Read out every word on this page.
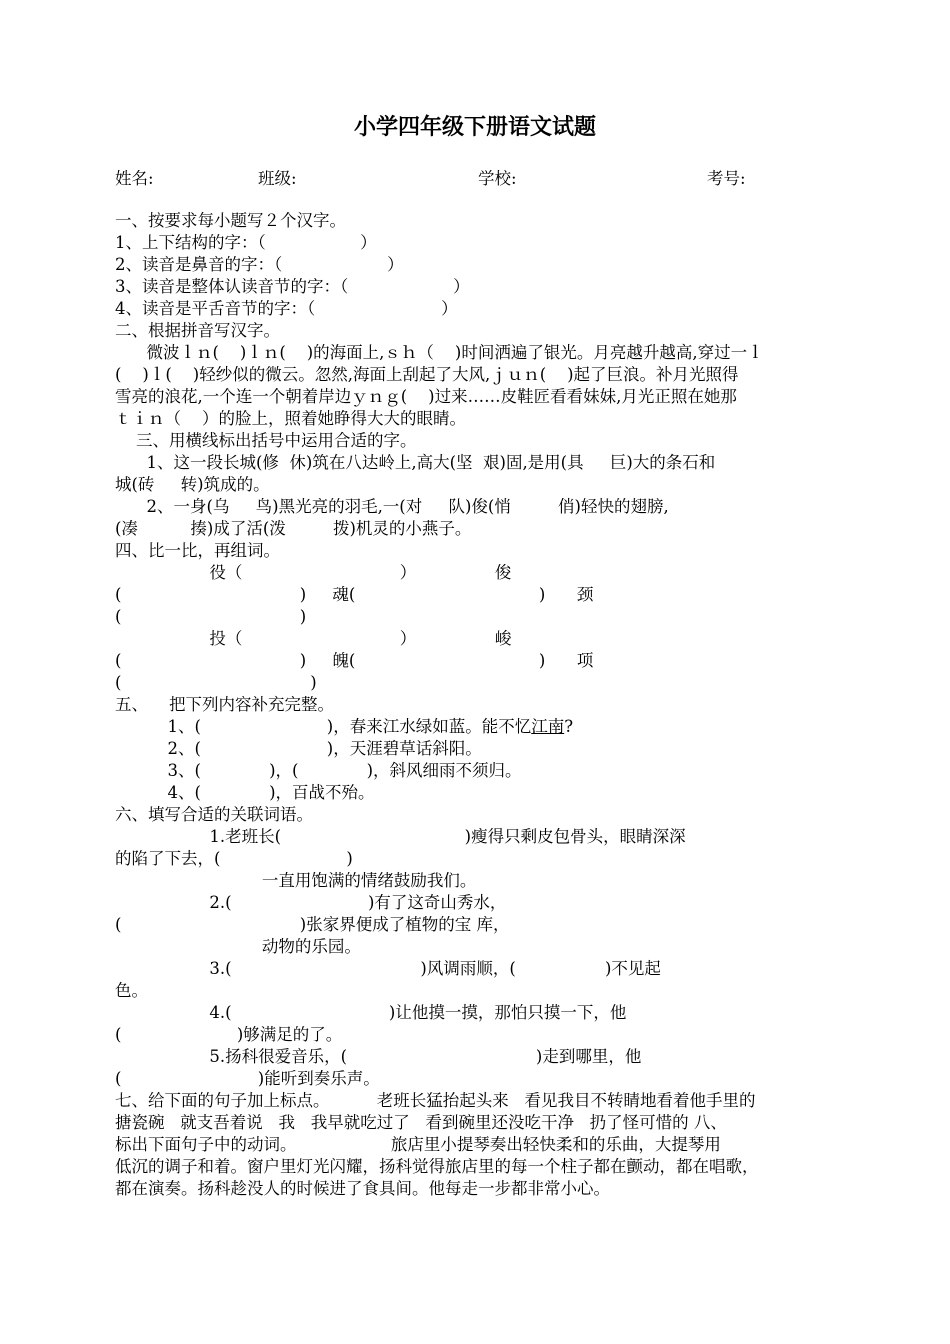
小学四年级下册语文试题
姓名:	班级:	学校:	考号:
一、按要求每小题写２个汉字。
1、上下结构的字：（                  ）
2、读音是鼻音的字：（                    ）
3、读音是整体认读音节的字：（                    ）
4、读音是平舌音节的字：（                        ）
二、根据拼音写汉字。
微波ｌｎ(    )ｌｎ(    )的海面上,ｓｈ（    )时间洒遍了银光。月亮越升越高,穿过一ｌ
(    )ｌ(    )轻纱似的微云。忽然,海面上刮起了大风,ｊｕｎ(    )起了巨浪。补月光照得
雪亮的浪花,一个连一个朝着岸边ｙｎｇ(    )过来……皮鞋匠看看妹妹,月光正照在她那
ｔｉｎ（    ）的脸上，照着她睁得大大的眼睛。
三、用横线标出括号中运用合适的字。
1、这一段长城(修  休)筑在八达岭上,高大(坚  艰)固,是用(具     巨)大的条石和
城(砖     转)筑成的。
2、一身(乌     鸟)黑光亮的羽毛,一(对     队)俊(悄         俏)轻快的翅膀,
(凑          揍)成了活(泼         拨)机灵的小燕子。
四、比一比，再组词。
役（                              ）               俊
(                                  )     魂(                                   )      颈
(                                  )
投（                              ）               峻
(                                  )     魄(                                   )      项
(                                    )
五、    把下列内容补充完整。
1、(                        )，春来江水绿如蓝。能不忆江南?
2、(                        )，天涯碧草话斜阳。
3、(             )，(             )，斜风细雨不须归。
4、(             )，百战不殆。
六、填写合适的关联词语。
1.老班长(                                   )瘦得只剩皮包骨头，眼睛深深
的陷了下去，(                        )
一直用饱满的情绪鼓励我们。
2.(                          )有了这奇山秀水，
(                                  )张家界便成了植物的宝 库，
动物的乐园。
3.(                                    )风调雨顺，(                 )不见起
色。
4.(                              )让他摸一摸，那怕只摸一下，他
(                      )够满足的了。
5.扬科很爱音乐，(                                    )走到哪里，他
(                          )能听到奏乐声。
七、给下面的句子加上标点。         老班长猛抬起头来   看见我目不转睛地看着他手里的
搪瓷碗   就支吾着说   我   我早就吃过了   看到碗里还没吃干净   扔了怪可惜的 八、
标出下面句子中的动词。                  旅店里小提琴奏出轻快柔和的乐曲，大提琴用
低沉的调子和着。窗户里灯光闪耀，扬科觉得旅店里的每一个柱子都在颤动，都在唱歌，
都在演奏。扬科趁没人的时候进了食具间。他每走一步都非常小心。
